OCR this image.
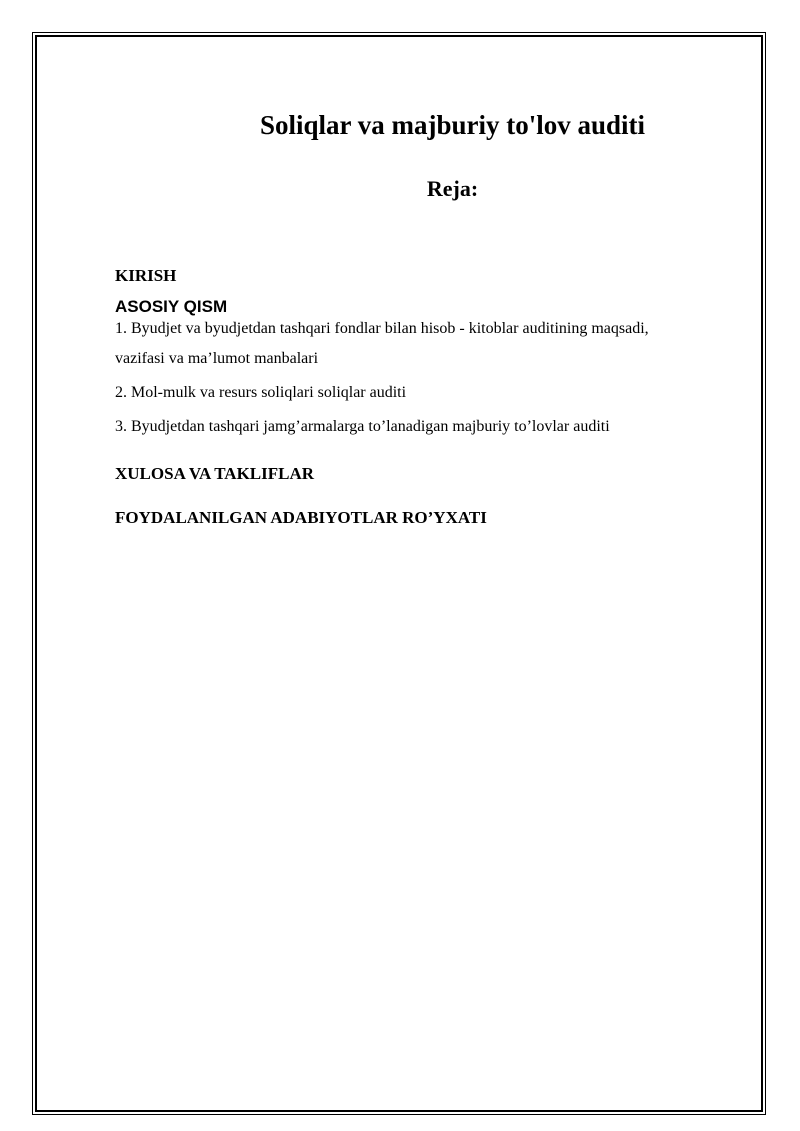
Soliqlar va majburiy to'lov auditi
Reja:

KIRISH

ASOSIY QISM

1. Byudjet va byudjetdan tashqari fondlar bilan hisob - kitoblar auditining maqsadi,
vazifasi va ma’lumot manbalari

2. Mol-mulk va resurs soliqlari soliqlar auditi

3. Byudjetdan tashqari jamg’armalarga to’lanadigan majburiy to’lovlar auditi

XULOSA VA TAKLIFLAR

FOYDALANILGAN ADABIYOTLAR RO’YXATI
